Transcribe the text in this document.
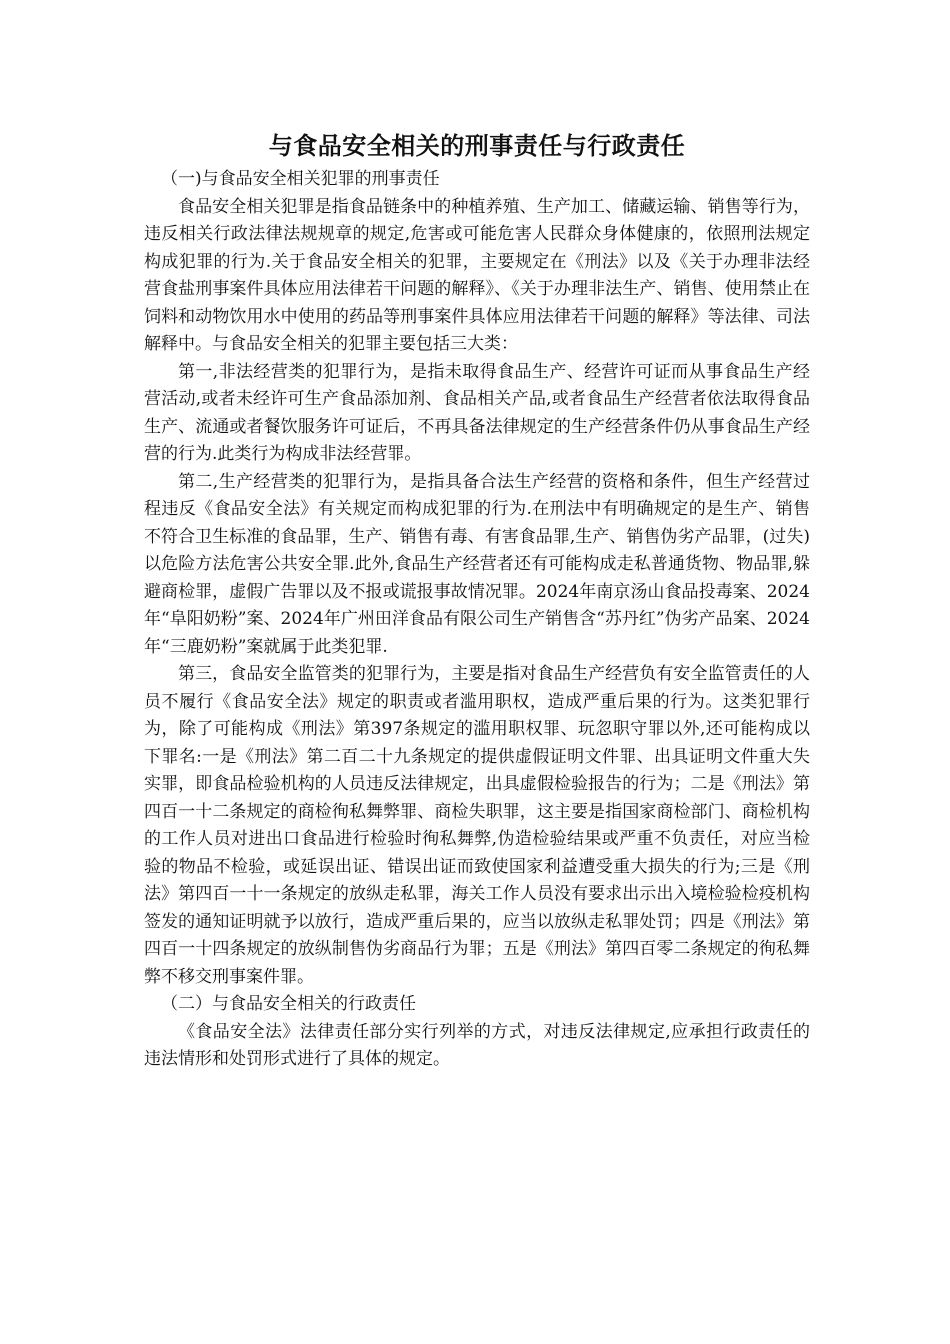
与食品安全相关的刑事责任与行政责任

（一)与食品安全相关犯罪的刑事责任

食品安全相关犯罪是指食品链条中的种植养殖、生产加工、储藏运输、销售等行为，违反相关行政法律法规规章的规定,危害或可能危害人民群众身体健康的，依照刑法规定构成犯罪的行为.关于食品安全相关的犯罪，主要规定在《刑法》以及《关于办理非法经营食盐刑事案件具体应用法律若干问题的解释》、《关于办理非法生产、销售、使用禁止在饲料和动物饮用水中使用的药品等刑事案件具体应用法律若干问题的解释》等法律、司法解释中。与食品安全相关的犯罪主要包括三大类：

第一,非法经营类的犯罪行为，是指未取得食品生产、经营许可证而从事食品生产经营活动,或者未经许可生产食品添加剂、食品相关产品,或者食品生产经营者依法取得食品生产、流通或者餐饮服务许可证后，不再具备法律规定的生产经营条件仍从事食品生产经营的行为.此类行为构成非法经营罪。

第二,生产经营类的犯罪行为，是指具备合法生产经营的资格和条件，但生产经营过程违反《食品安全法》有关规定而构成犯罪的行为.在刑法中有明确规定的是生产、销售不符合卫生标准的食品罪，生产、销售有毒、有害食品罪,生产、销售伪劣产品罪，(过失)以危险方法危害公共安全罪.此外,食品生产经营者还有可能构成走私普通货物、物品罪,躲避商检罪，虚假广告罪以及不报或谎报事故情况罪。2024年南京汤山食品投毒案、2024年“阜阳奶粉”案、2024年广州田洋食品有限公司生产销售含“苏丹红”伪劣产品案、2024年“三鹿奶粉”案就属于此类犯罪.

第三，食品安全监管类的犯罪行为，主要是指对食品生产经营负有安全监管责任的人员不履行《食品安全法》规定的职责或者滥用职权，造成严重后果的行为。这类犯罪行为，除了可能构成《刑法》第397条规定的滥用职权罪、玩忽职守罪以外,还可能构成以下罪名:一是《刑法》第二百二十九条规定的提供虚假证明文件罪、出具证明文件重大失实罪，即食品检验机构的人员违反法律规定，出具虚假检验报告的行为；二是《刑法》第四百一十二条规定的商检徇私舞弊罪、商检失职罪，这主要是指国家商检部门、商检机构的工作人员对进出口食品进行检验时徇私舞弊,伪造检验结果或严重不负责任，对应当检验的物品不检验，或延误出证、错误出证而致使国家利益遭受重大损失的行为;三是《刑法》第四百一十一条规定的放纵走私罪，海关工作人员没有要求出示出入境检验检疫机构签发的通知证明就予以放行，造成严重后果的，应当以放纵走私罪处罚；四是《刑法》第四百一十四条规定的放纵制售伪劣商品行为罪；五是《刑法》第四百零二条规定的徇私舞弊不移交刑事案件罪。

（二）与食品安全相关的行政责任

《食品安全法》法律责任部分实行列举的方式，对违反法律规定,应承担行政责任的违法情形和处罚形式进行了具体的规定。
